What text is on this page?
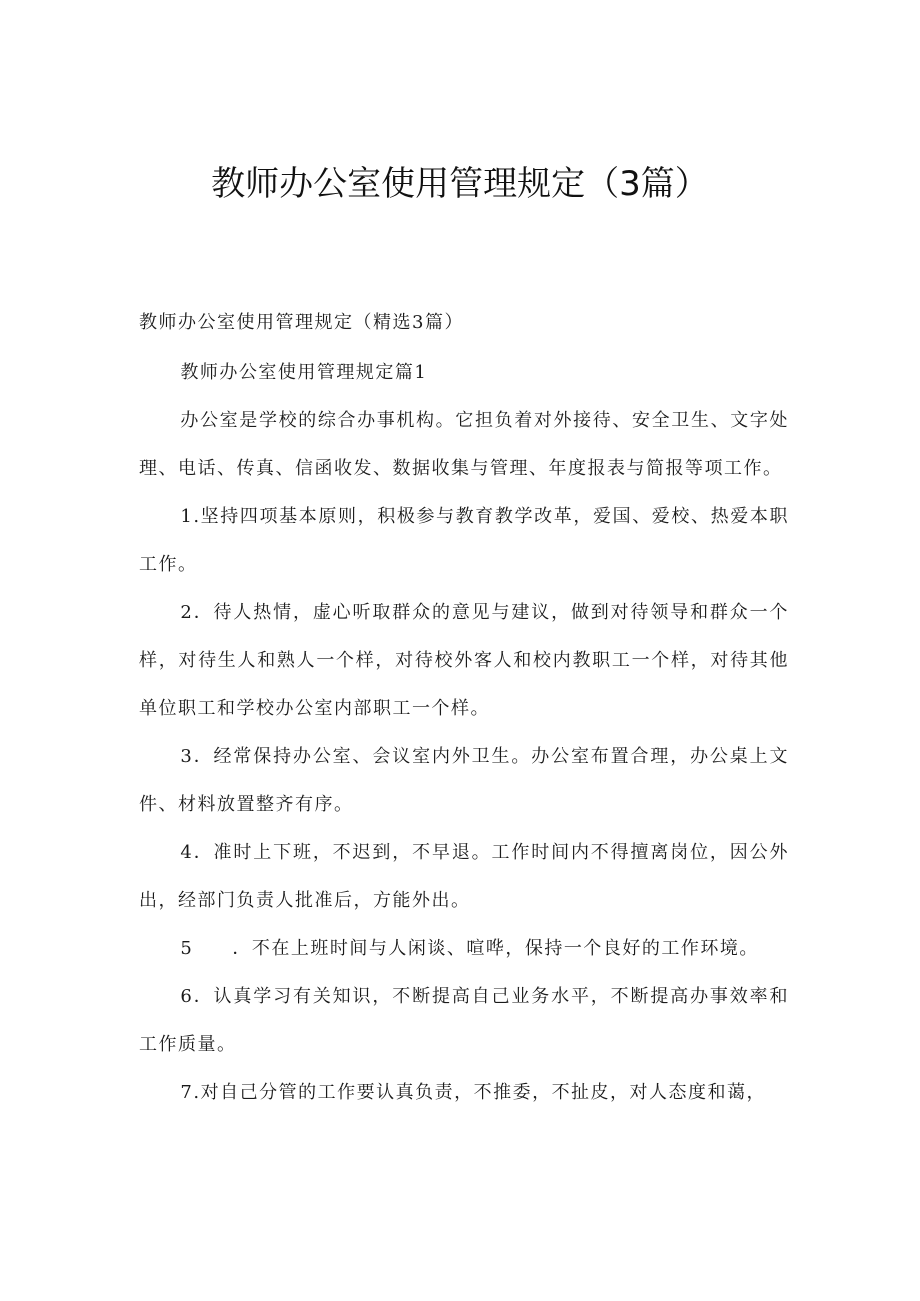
教师办公室使用管理规定（3篇）

教师办公室使用管理规定（精选3篇）

教师办公室使用管理规定篇1

办公室是学校的综合办事机构。它担负着对外接待、安全卫生、文字处理、电话、传真、信函收发、数据收集与管理、年度报表与简报等项工作。

1.坚持四项基本原则，积极参与教育教学改革，爱国、爱校、热爱本职工作。

2．待人热情，虚心听取群众的意见与建议，做到对待领导和群众一个样，对待生人和熟人一个样，对待校外客人和校内教职工一个样，对待其他单位职工和学校办公室内部职工一个样。

3．经常保持办公室、会议室内外卫生。办公室布置合理，办公桌上文件、材料放置整齐有序。

4．准时上下班，不迟到，不早退。工作时间内不得擅离岗位，因公外出，经部门负责人批准后，方能外出。

5　　．不在上班时间与人闲谈、喧哗，保持一个良好的工作环境。

6．认真学习有关知识，不断提高自己业务水平，不断提高办事效率和工作质量。

7.对自己分管的工作要认真负责，不推委，不扯皮，对人态度和蔼，
